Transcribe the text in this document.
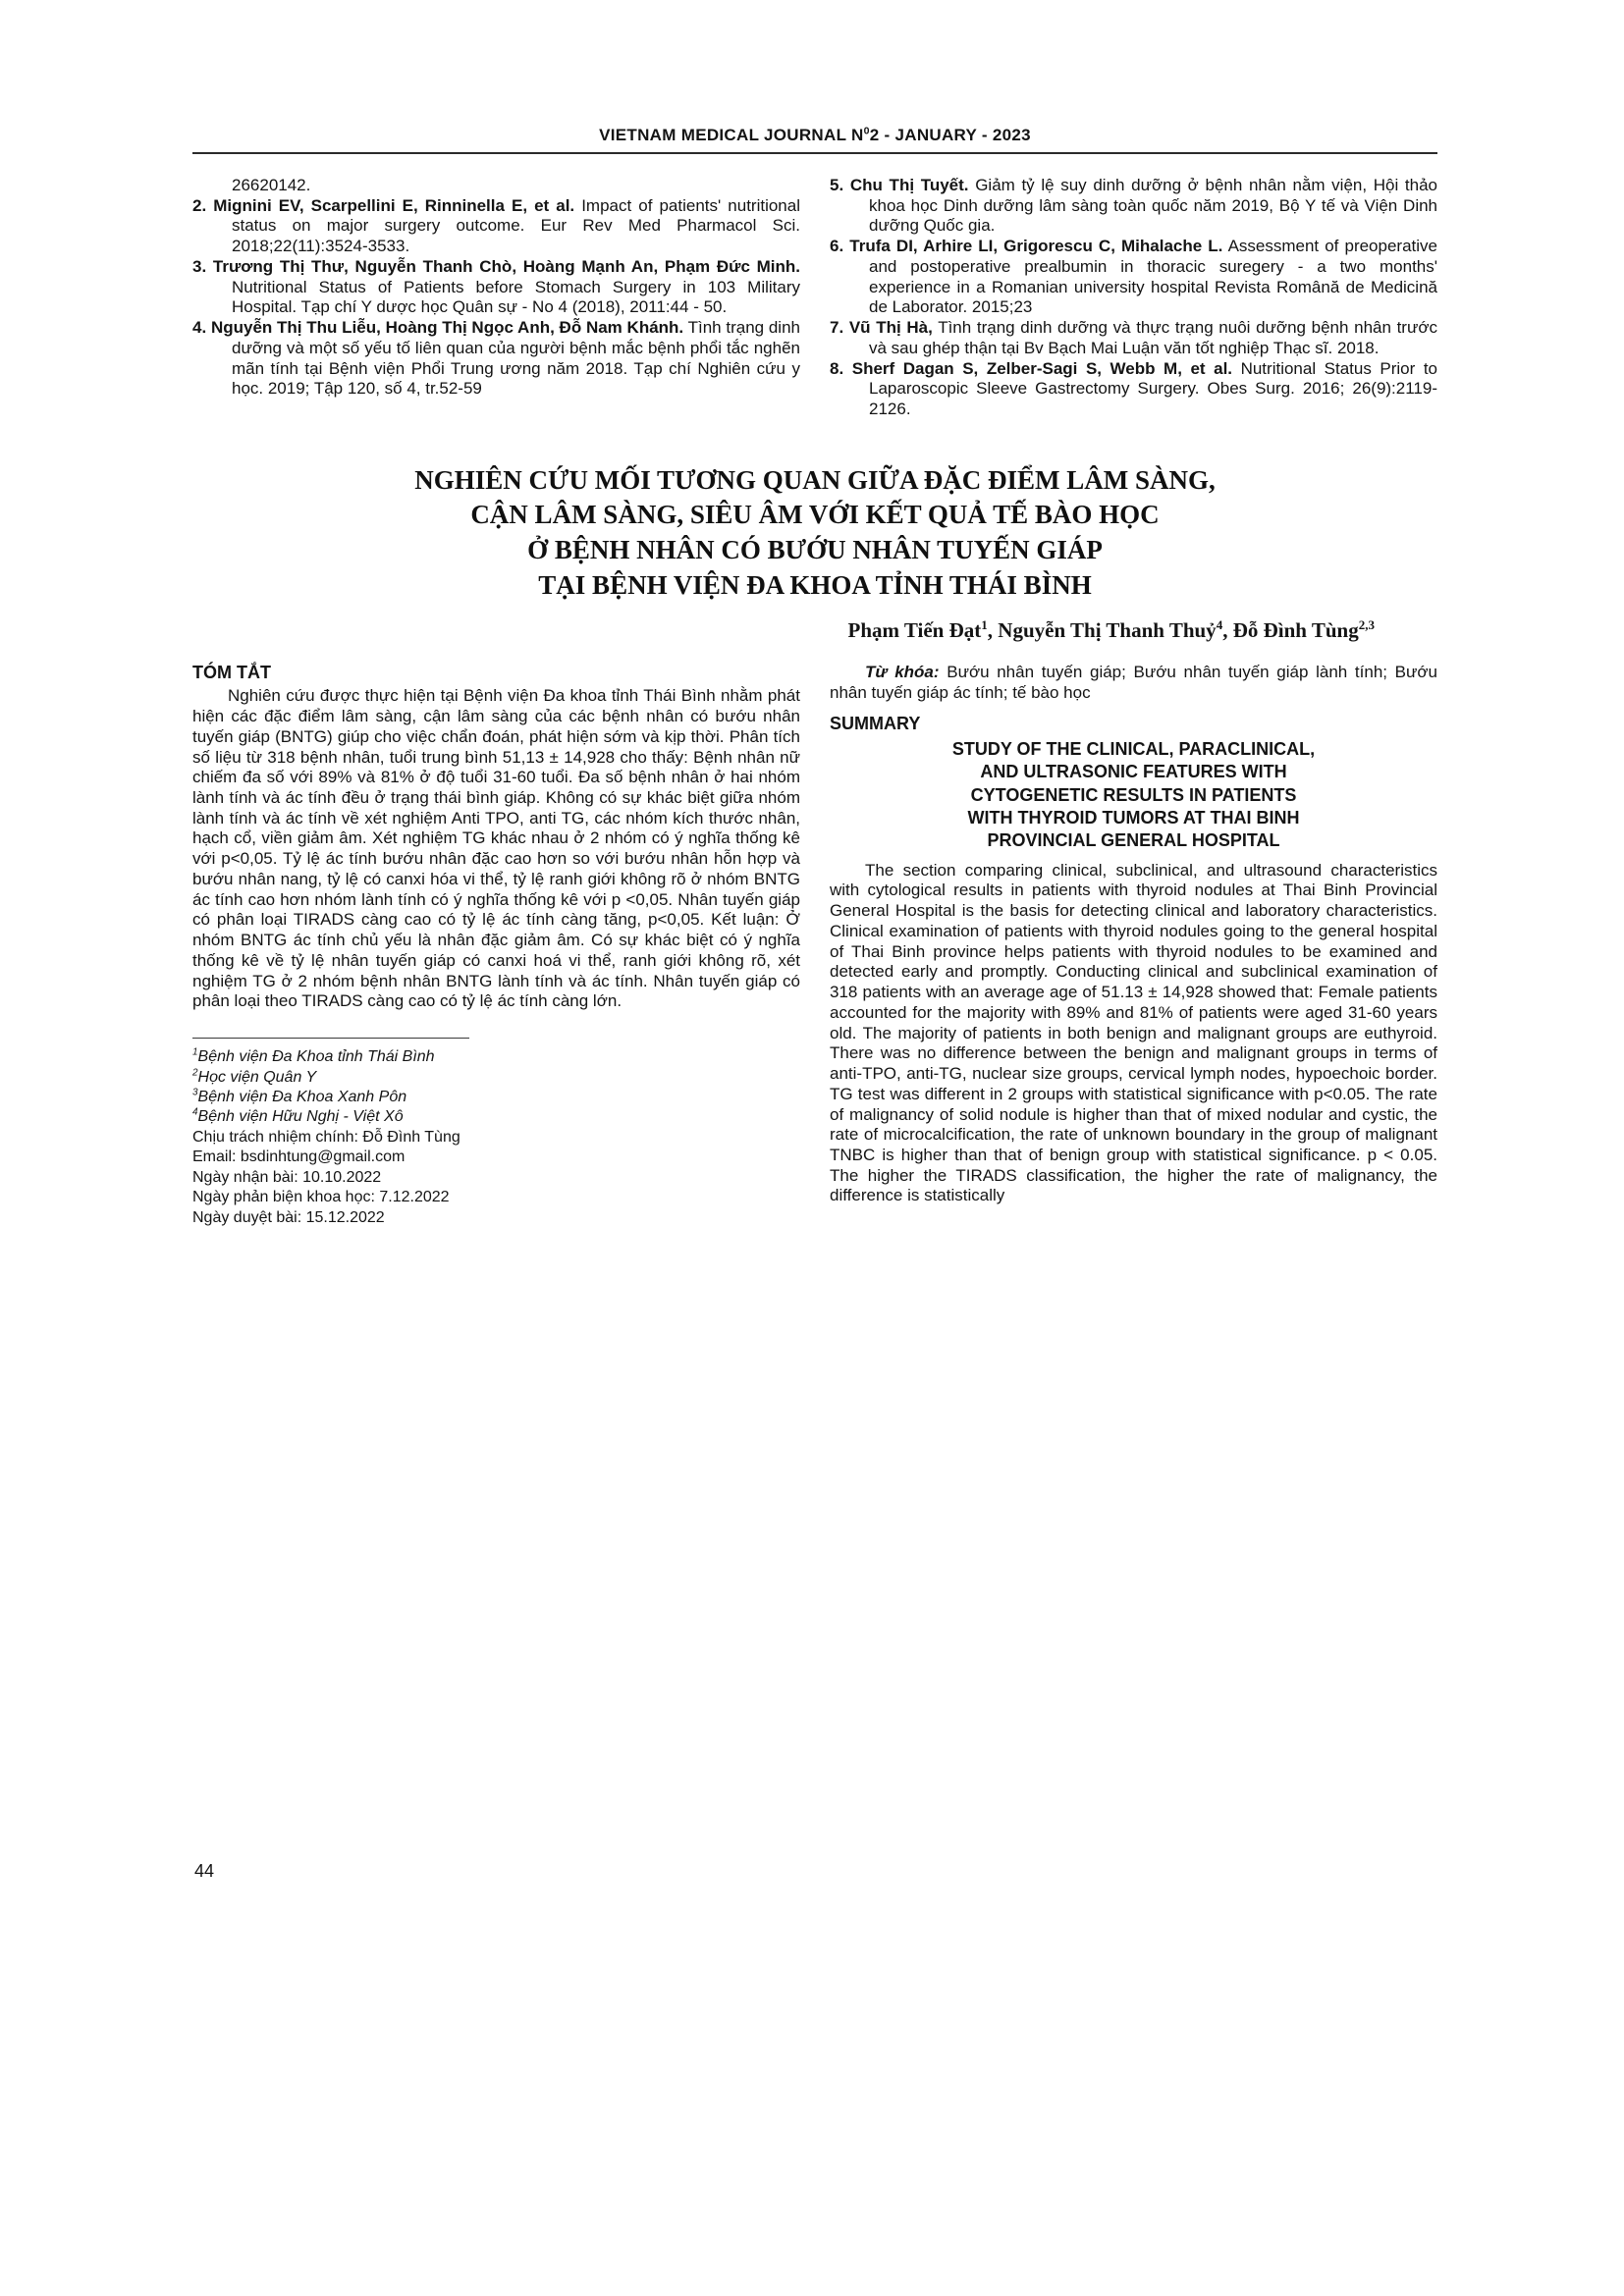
VIETNAM MEDICAL JOURNAL $N^02$ - JANUARY - 2023

26620142.

2. Mignini EV, Scarpellini E, Rinninella E, et al. Impact of patients' nutritional status on major surgery outcome. Eur Rev Med Pharmacol Sci. 2018;22(11):3524-3533.

3. Trương Thị Thư, Nguyễn Thanh Chò, Hoàng Mạnh An, Phạm Đức Minh. Nutritional Status of Patients before Stomach Surgery in 103 Military Hospital. Tạp chí Y dược học Quân sự - No 4 (2018), 2011:44 - 50.

4. Nguyễn Thị Thu Liễu, Hoàng Thị Ngọc Anh, Đỗ Nam Khánh. Tình trạng dinh dưỡng và một số yếu tố liên quan của người bệnh mắc bệnh phổi tắc nghẽn mãn tính tại Bệnh viện Phổi Trung ương năm 2018. Tạp chí Nghiên cứu y học. 2019; Tập 120, số 4, tr.52-59

5. Chu Thị Tuyết. Giảm tỷ lệ suy dinh dưỡng ở bệnh nhân nằm viện, Hội thảo khoa học Dinh dưỡng lâm sàng toàn quốc năm 2019, Bộ Y tế và Viện Dinh dưỡng Quốc gia.

6. Trufa DI, Arhire LI, Grigorescu C, Mihalache L. Assessment of preoperative and postoperative prealbumin in thoracic suregery - a two months' experience in a Romanian university hospital Revista Română de Medicină de Laborator. 2015;23

7. Vũ Thị Hà, Tình trạng dinh dưỡng và thực trạng nuôi dưỡng bệnh nhân trước và sau ghép thận tại Bv Bạch Mai Luận văn tốt nghiệp Thạc sĩ. 2018.

8. Sherf Dagan S, Zelber-Sagi S, Webb M, et al. Nutritional Status Prior to Laparoscopic Sleeve Gastrectomy Surgery. Obes Surg. 2016; 26(9):2119-2126.

NGHIÊN CỨU MỐI TƯƠNG QUAN GIỮA ĐẶC ĐIỂM LÂM SÀNG,
CẬN LÂM SÀNG, SIÊU ÂM VỚI KẾT QUẢ TẾ BÀO HỌC
Ở BỆNH NHÂN CÓ BƯỚU NHÂN TUYẾN GIÁP
TẠI BỆNH VIỆN ĐA KHOA TỈNH THÁI BÌNH
Phạm Tiến Đạt$^1$, Nguyễn Thị Thanh Thuỷ$^4$, Đỗ Đình Tùng$^{2,3}$
TÓM TẮT

Nghiên cứu được thực hiện tại Bệnh viện Đa khoa tỉnh Thái Bình nhằm phát hiện các đặc điểm lâm sàng, cận lâm sàng của các bệnh nhân có bướu nhân tuyến giáp (BNTG) giúp cho việc chẩn đoán, phát hiện sớm và kịp thời. Phân tích số liệu từ 318 bệnh nhân, tuổi trung bình 51,13 ± 14,928 cho thấy: Bệnh nhân nữ chiếm đa số với 89% và 81% ở độ tuổi 31-60 tuổi. Đa số bệnh nhân ở hai nhóm lành tính và ác tính đều ở trạng thái bình giáp. Không có sự khác biệt giữa nhóm lành tính và ác tính về xét nghiệm Anti TPO, anti TG, các nhóm kích thước nhân, hạch cổ, viền giảm âm. Xét nghiệm TG khác nhau ở 2 nhóm có ý nghĩa thống kê với p<0,05. Tỷ lệ ác tính bướu nhân đặc cao hơn so với bướu nhân hỗn hợp và bướu nhân nang, tỷ lệ có canxi hóa vi thể, tỷ lệ ranh giới không rõ ở nhóm BNTG ác tính cao hơn nhóm lành tính có ý nghĩa thống kê với p <0,05. Nhân tuyến giáp có phân loại TIRADS càng cao có tỷ lệ ác tính càng tăng, p<0,05. Kết luận: Ở nhóm BNTG ác tính chủ yếu là nhân đặc giảm âm. Có sự khác biệt có ý nghĩa thống kê về tỷ lệ nhân tuyến giáp có canxi hoá vi thể, ranh giới không rõ, xét nghiệm TG ở 2 nhóm bệnh nhân BNTG lành tính và ác tính. Nhân tuyến giáp có phân loại theo TIRADS càng cao có tỷ lệ ác tính càng lớn.

$^1$Bệnh viện Đa Khoa tỉnh Thái Bình

$^2$Học viện Quân Y

$^3$Bệnh viện Đa Khoa Xanh Pôn

$^4$Bệnh viện Hữu Nghị - Việt Xô

Chịu trách nhiệm chính: Đỗ Đình Tùng

Email: bsdinhtung@gmail.com

Ngày nhận bài: 10.10.2022

Ngày phản biện khoa học: 7.12.2022

Ngày duyệt bài: 15.12.2022

Từ khóa: Bướu nhân tuyến giáp; Bướu nhân tuyến giáp lành tính; Bướu nhân tuyến giáp ác tính; tế bào học

SUMMARY
STUDY OF THE CLINICAL, PARACLINICAL,
AND ULTRASONIC FEATURES WITH
CYTOGENETIC RESULTS IN PATIENTS
WITH THYROID TUMORS AT THAI BINH
PROVINCIAL GENERAL HOSPITAL

The section comparing clinical, subclinical, and ultrasound characteristics with cytological results in patients with thyroid nodules at Thai Binh Provincial General Hospital is the basis for detecting clinical and laboratory characteristics. Clinical examination of patients with thyroid nodules going to the general hospital of Thai Binh province helps patients with thyroid nodules to be examined and detected early and promptly. Conducting clinical and subclinical examination of 318 patients with an average age of 51.13 ± 14,928 showed that: Female patients accounted for the majority with 89% and 81% of patients were aged 31-60 years old. The majority of patients in both benign and malignant groups are euthyroid. There was no difference between the benign and malignant groups in terms of anti-TPO, anti-TG, nuclear size groups, cervical lymph nodes, hypoechoic border. TG test was different in 2 groups with statistical significance with p<0.05. The rate of malignancy of solid nodule is higher than that of mixed nodular and cystic, the rate of microcalcification, the rate of unknown boundary in the group of malignant TNBC is higher than that of benign group with statistical significance. p < 0.05. The higher the TIRADS classification, the higher the rate of malignancy, the difference is statistically

44
